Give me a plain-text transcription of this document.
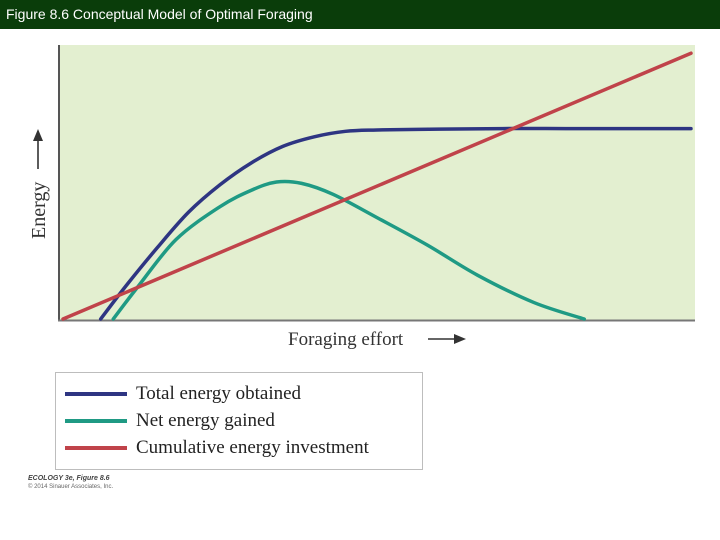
Figure 8.6 Conceptual Model of Optimal Foraging
Energy
Foraging effort
Total energy obtained
Net energy gained
Cumulative energy investment
ECOLOGY 3e, Figure 8.6
© 2014 Sinauer Associates, Inc.
